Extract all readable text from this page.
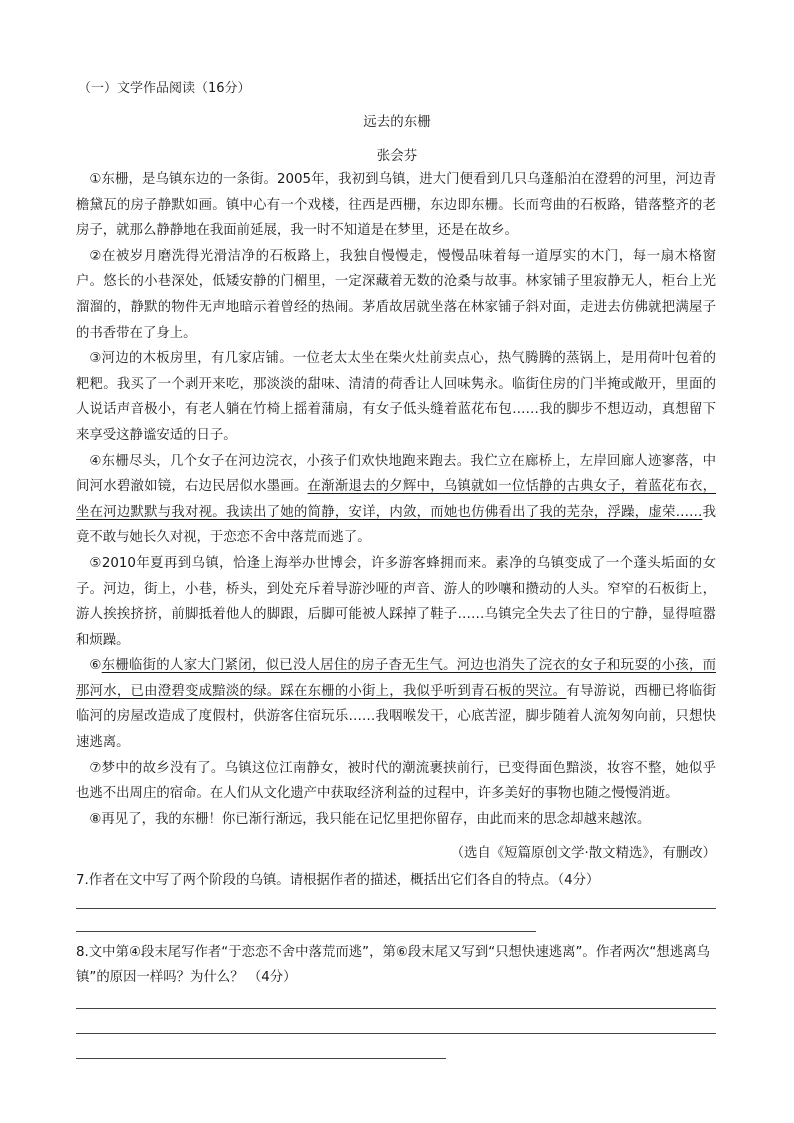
（一）文学作品阅读（16分）
远去的东栅
张会芬

①东栅，是乌镇东边的一条街。2005年，我初到乌镇，进大门便看到几只乌蓬船泊在澄碧的河里，河边青檐黛瓦的房子静默如画。镇中心有一个戏楼，往西是西栅，东边即东栅。长而弯曲的石板路，错落整齐的老房子，就那么静静地在我面前延展，我一时不知道是在梦里，还是在故乡。

②在被岁月磨洗得光滑洁净的石板路上，我独自慢慢走，慢慢品味着每一道厚实的木门，每一扇木格窗户。悠长的小巷深处，低矮安静的门楣里，一定深藏着无数的沧桑与故事。林家铺子里寂静无人，柜台上光溜溜的，静默的物件无声地暗示着曾经的热闹。茅盾故居就坐落在林家铺子斜对面，走进去仿佛就把满屋子的书香带在了身上。

③河边的木板房里，有几家店铺。一位老太太坐在柴火灶前卖点心，热气腾腾的蒸锅上，是用荷叶包着的粑粑。我买了一个剥开来吃，那淡淡的甜味、清清的荷香让人回味隽永。临街住房的门半掩或敞开，里面的人说话声音极小，有老人躺在竹椅上摇着蒲扇，有女子低头缝着蓝花布包……我的脚步不想迈动，真想留下来享受这静谧安适的日子。

④东栅尽头，几个女子在河边浣衣，小孩子们欢快地跑来跑去。我伫立在廊桥上，左岸回廊人迹寥落，中间河水碧澈如镜，右边民居似水墨画。在渐渐退去的夕辉中，乌镇就如一位恬静的古典女子，着蓝花布衣，坐在河边默默与我对视。我读出了她的简静，安详，内敛，而她也仿佛看出了我的芜杂，浮躁，虚荣……我竟不敢与她长久对视，于恋恋不舍中落荒而逃了。

⑤2010年夏再到乌镇，恰逢上海举办世博会，许多游客蜂拥而来。素净的乌镇变成了一个蓬头垢面的女子。河边，街上，小巷，桥头，到处充斥着导游沙哑的声音、游人的吵嚷和攒动的人头。窄窄的石板街上，游人挨挨挤挤，前脚抵着他人的脚跟，后脚可能被人踩掉了鞋子……乌镇完全失去了往日的宁静，显得喧嚣和烦躁。

⑥东栅临街的人家大门紧闭，似已没人居住的房子杳无生气。河边也消失了浣衣的女子和玩耍的小孩，而那河水，已由澄碧变成黯淡的绿。踩在东栅的小街上，我似乎听到青石板的哭泣。有导游说，西栅已将临街临河的房屋改造成了度假村，供游客住宿玩乐……我咽喉发干，心底苦涩，脚步随着人流匆匆向前，只想快速逃离。

⑦梦中的故乡没有了。乌镇这位江南静女，被时代的潮流裹挟前行，已变得面色黯淡，妆容不整，她似乎也逃不出周庄的宿命。在人们从文化遗产中获取经济利益的过程中，许多美好的事物也随之慢慢消逝。

⑧再见了，我的东栅！你已渐行渐远，我只能在记忆里把你留存，由此而来的思念却越来越浓。

（选自《短篇原创文学·散文精选》，有删改）
7.作者在文中写了两个阶段的乌镇。请根据作者的描述，概括出它们各自的特点。（4分）
8.文中第④段末尾写作者“于恋恋不舍中落荒而逃”，第⑥段末尾又写到“只想快速逃离”。作者两次“想逃离乌镇”的原因一样吗？为什么？ （4分）
